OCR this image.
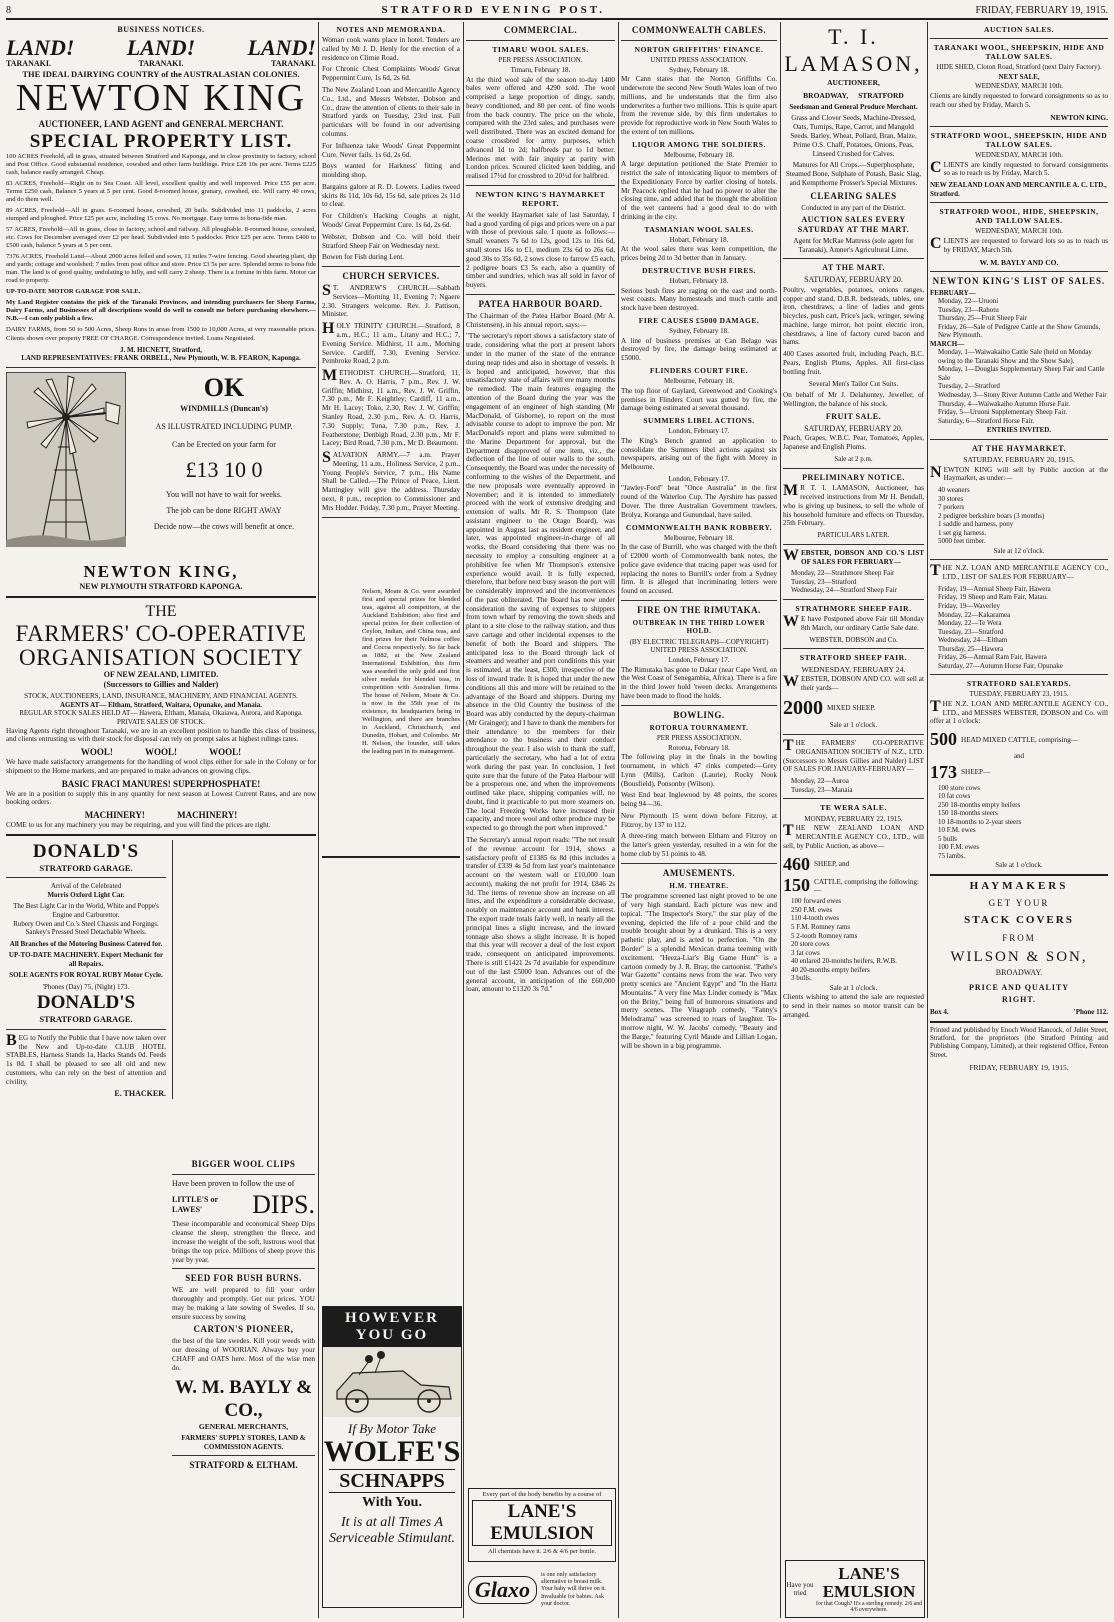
8	STRATFORD EVENING POST.	FRIDAY, FEBRUARY 19, 1915.
BUSINESS NOTICES.
LAND! LAND! LAND!
TARANAKI.	TARANAKI.	TARANAKI.
THE IDEAL DAIRYING COUNTRY of the AUSTRALASIAN COLONIES.
NEWTON KING
AUCTIONEER, LAND AGENT and GENERAL MERCHANT.
SPECIAL PROPERTY LIST.

100 ACRES Freehold, all in grass, situated between Stratford and Kaponga, and in close proximity to factory, school and Post Office. Good substantial residence, cowshed and other farm buildings. Price £28 10s per acre. Terms £225 cash, balance easily arranged. Cheap.

83 ACRES, Freehold—Right on to Sea Coast. All level, excellent quality and well improved. Price £55 per acre. Terms £250 cash, Balance 5 years at 5 per cent. Good 8-roomed house, granary, cowshed, etc. Will carry 40 cows, and do them well.

89 ACRES, Freehold—All in grass. 6-roomed house, cowshed, 20 bails. Subdivided into 11 paddocks, 2 acres stumped and ploughed. Price £25 per acre, including 15 cows. No mortgage. Easy terms to bona-fide man.

57 ACRES, Freehold—All in grass, close to factory, school and railway. All ploughable. 8-roomed house, cowshed, etc. Cows for December averaged over £2 per head. Subdivided into 5 paddocks. Price £25 per acre. Terms £400 to £500 cash, balance 5 years at 5 per cent.

7376 ACRES, Freehold Land—About 2000 acres felled and sown, 11 miles 7-wire fencing. Good shearing plant, dip and yards; cottage and woolshed; 7 miles from post office and store. Price £3 5s per acre. Splendid terms to bona fide man. The land is of good quality, undulating to hilly, and will carry 2 sheep. There is a fortune in this farm. Motor car road to property.

UP-TO-DATE MOTOR GARAGE FOR SALE.

My Land Register contains the pick of the Taranaki Provinces, and intending purchasers for Sheep Farms, Dairy Farms, and Businesses of all descriptions would do well to consult me before purchasing elsewhere.—N.B.—I can only publish a few.

DAIRY FARMS, from 50 to 500 Acres, Sheep Runs in areas from 1500 to 10,000 Acres, at very reasonable prices. Clients shown over property FREE OF CHARGE. Correspondence invited. Loans Negotiated.

J. M. HICNETT, Stratford,
LAND REPRESENTATIVES: FRANK ORBELL, New Plymouth, W. B. FEARON, Kaponga.
OK
WINDMILLS (Duncan's)
AS ILLUSTRATED INCLUDING PUMP.
Can be Erected on your farm for
£13 10 0
You will not have to wait for weeks.
The job can be done RIGHT AWAY
Decide now—the cows will benefit at once.
NEWTON KING,
NEW PLYMOUTH STRATFORD KAPONGA.
THE
FARMERS' CO-OPERATIVE ORGANISATION SOCIETY
OF NEW ZEALAND, LIMITED.
(Successors to Gillies and Nalder)
STOCK, AUCTIONEERS, LAND, INSURANCE, MACHINERY, AND FINANCIAL AGENTS.
AGENTS AT— Eltham, Stratford, Waitara, Opunake, and Manaia.
REGULAR STOCK SALES HELD AT— Hawera, Eltham, Manaia, Okaiawa, Aurora, and Kaponga. PRIVATE SALES OF STOCK.

Having Agents right throughout Taranaki, we are in an excellent position to handle this class of business, and clients entrusting us with their stock for disposal can rely on prompt sales at highest rulings rates.

WOOL! WOOL! WOOL!

We have made satisfactory arrangements for the handling of wool clips either for sale in the Colony or for shipment to the Home markets, and are prepared to make advances on growing clips.

BASIC FRACI MANURES! SUPERPHOSPHATE!

We are in a position to supply this in any quantity for next season at Lowest Current Rates, and are now booking orders.

MACHINERY! MACHINERY!

COME to us for any machinery you may be requiring, and you will find the prices are right.

DONALD'S
STRATFORD GARAGE.
Arrival of the Celebrated
Morris Oxford Light Car.
The Best Light Car in the World, White and Poppe's Engine and Carburettor.
Rubery Owen and Co.'s Steel Chassis and Forgings.
Sankey's Pressed Steel Detachable Wheels.
All Branches of the Motoring Business Catered for.
UP-TO-DATE MACHINERY. Expert Mechanic for all Repairs.
SOLE AGENTS FOR ROYAL RUBY Motor Cycle.
'Phones (Day) 75, (Night) 173.
DONALD'S
STRATFORD GARAGE.

BEG to Notify the Public that I have now taken over the New and Up-to-date CLUB HOTEL STABLES, Harness Stands 1a, Hacks Stands 0d. Feeds 1s 0d. I shall be pleased to see all old and new customers, who can rely on the best of attention and civility.

E. THACKER.
NOTES AND MEMORANDA.

Woman cook wants place in hotel. Tenders are called by Mr J. D. Henly for the erection of a residence on Climie Road.

For Chronic Chest Complaints Woods' Great Peppermint Cure, 1s 6d, 2s 6d.

The New Zealand Loan and Mercantile Agency Co., Ltd., and Messrs Webster, Dobson and Co., draw the attention of clients to their sale in Stratford yards on Tuesday, 23rd inst. Full particulars will be found in our advertising columns.

For Influenza take Woods' Great Peppermint Cure. Never fails. 1s 6d, 2s 6d.

Boys wanted for Harkness' fitting and moulding shop.

Bargains galore at R. D. Lowers. Ladies tweed skirts 8s 11d, 10s 6d, 15s 6d, sale prices 2s 11d to clear.

For Children's Hacking Coughs at night, Woods' Great Peppermint Cure. 1s 6d, 2s 6d.

Webster, Dobson and Co. will hold their Stratford Sheep Fair on Wednesday next.

Bowen for Fish during Lent.

CHURCH SERVICES.

ST. ANDREW'S CHURCH.—Sabbath Services—Morning 11, Evening 7; Ngaere 2.30. Strangers welcome. Rev. J. Pattison, Minister.

HOLY TRINITY CHURCH.—Stratford, 8 a.m., H.C.; 11 a.m., Litany and H.C.; 7, Evening Service. Midhirst, 11 a.m., Morning Service. Cardiff, 7.30, Evening Service. Pembroke Road, 2 p.m.

METHODIST CHURCH.—Stratford, 11, Rev. A. O. Harris, 7 p.m., Rev. J. W. Griffin; Midhirst, 11 a.m., Rev. J. W. Griffin, 7.30 p.m., Mr F. Keightley; Cardiff, 11 a.m., Mr H. Lacey; Toko, 2.30, Rev. J. W. Griffin; Stanley Road, 2.30 p.m., Rev. A. O. Harris, 7.30 Supply; Tuna, 7.30 p.m., Rev. J. Featherstone; Denbigh Road, 2.30 p.m., Mr F. Lacey; Bird Road, 7.30 p.m., Mr D. Beaumont.

SALVATION ARMY.—7 a.m. Prayer Meeting, 11 a.m., Holiness Service, 2 p.m., Young People's Service, 7 p.m., His Name Shall be Called.—The Prince of Peace, Lieut. Mattingley will give the address. Thursday next, 8 p.m., reception to Commissioner and Mrs Hodder. Friday, 7.30 p.m., Prayer Meeting.

Nelson, Moate & Co. were awarded first and special prizes for blended teas, against all competitors, at the Auckland Exhibition; also first and special prizes for their collection of Ceylon, Indian, and China teas, and first prizes for their Nelmoa coffee and Cocoa respectively. So far back as 1882, at the New Zealand International Exhibition, this firm was awarded the only gold and first silver medals for blended teas, in competition with Australian firms. The house of Nelson, Moate & Co. is now in the 35th year of its existence, its headquarters being in Wellington, and there are branches in Auckland, Christchurch, and Dunedin, Hobart, and Colombo. Mr H. Nelson, the founder, still takes the leading part in its management.

BIGGER WOOL CLIPS
Have been proven to follow the use of
LITTLE'S or LAWES'	DIPS.

These incomparable and economical Sheep Dips cleanse the sheep, strengthen the fleece, and increase the weight of the soft, lustrous wool that brings the top price. Millions of sheep prove this year by year.

SEED FOR BUSH BURNS.

WE are well prepared to fill your order thoroughly and promptly. Get our prices. YOU may be making a late sowing of Swedes. If so, ensure success by sowing

CARTON'S PIONEER,

the best of the late swedes. Kill your weeds with our dressing of WOORIAN. Always buy your CHAFF and OATS here. Most of the wise men do.

W. M. BAYLY & CO.,
GENERAL MERCHANTS,
FARMERS' SUPPLY STORES, LAND & COMMISSION AGENTS.
STRATFORD & ELTHAM.
HOWEVER YOU GO
If By Motor Take
WOLFE'S
SCHNAPPS
With You.
It is at all Times A Serviceable Stimulant.
COMMERCIAL.
TIMARU WOOL SALES.
PER PRESS ASSOCIATION.
Timaru, February 18.

At the third wool sale of the season to-day 1400 bales were offered and 4290 sold. The wool comprised a large proportion of dingy, sandy, heavy conditioned, and 80 per cent. of fine wools from the back country. The price on the whole, compared with the 23rd sales, and purchases were well distributed. There was an excited demand for coarse crossbred for army purposes, which advanced 1d to 2d; halfbreds par to 1d better. Merinos met with fair inquiry at parity with London prices. Scoured clicited keen bidding, and realised 17½d for crossbred to 20½d for halfbred.

NEWTON KING'S HAYMARKET REPORT.

At the weekly Haymarket sale of last Saturday, I had a good yarding of pigs and prices were on a par with those of previous sale. I quote as follows:—Small weaners 7s 6d to 12s, good 12s to 16s 6d, small stores 16s to £1, medium 23s 6d to 26s 6d, good 30s to 35s 6d, 2 sows close to farrow £5 each, 2 pedigree boars £3 5s each, also a quantity of timber and sundries, which was all sold in favor of buyers.

PATEA HARBOUR BOARD.

The Chairman of the Patea Harbor Board (Mr A. Christensen), in his annual report, says:—

"The secretary's report shows a satisfactory state of trade, considering what the port at present labors under in the matter of the state of the entrance during neap tides and also in shortage of vessels. It is hoped and anticipated, however, that this unsatisfactory state of affairs will ere many months be remedied. The main features engaging the attention of the Board during the year was the engagement of an engineer of high standing (Mr MacDonald, of Gisborne), to report on the most advisable course to adopt to improve the port. Mr MacDonald's report and plans were submitted to the Marine Department for approval, but the Department disapproved of one item, viz., the deflection of the line of outer walls to the south. Consequently, the Board was under the necessity of conforming to the wishes of the Department, and the new proposals were eventually approved in November; and it is intended to immediately proceed with the work of extensive dredging and extension of walls. Mr R. S. Thompson (late assistant engineer to the Otago Board), was appointed in August last as resident engineer, and later, was appointed engineer-in-charge of all works, the Board considering that there was no necessity to employ a consulting engineer at a prohibitive fee when Mr Thompson's extensive experience would avail. It is fully expected, therefore, that before next busy season the port will be considerably improved and the inconveniences of the past obliterated. The Board has now under consideration the saving of expenses to shippers from town wharf by removing the town sheds and plant to a site close to the railway station, and thus save cartage and other incidental expenses to the benefit of both the Board and shippers. The anticipated loss to the Board through lack of steamers and weather and port conditions this year is estimated, at the least, £300, irrespective of the loss of inward trade. It is hoped that under the new conditions all this and more will be retained to the advantage of the Board and shippers. During my absence in the Old Country the business of the Board was ably conducted by the deputy-chairman (Mr Grainger); and I have to thank the members for their attendance to the members for their attendance to the business and their conduct throughout the year. I also wish to thank the staff, particularly the secretary, who had a lot of extra work during the past year. In conclusion, I feel quite sure that the future of the Patea Harbour will be a prosperous one, and when the improvements outlined take place, shipping companies will, no doubt, find it practicable to put more steamers on. The local Freezing Works have increased their capacity, and more wool and other produce may be expected to go through the port when improved."

The Secretary's annual report reads: "The net result of the revenue account for 1914, shows a satisfactory profit of £1385 6s 8d (this includes a transfer of £339 4s 5d from last year's maintenance account on the western wall or £10,000 loan account), making the net profit for 1914, £846 2s 3d. The items of revenue show an increase on all lines, and the expenditure a considerable decrease, notably on maintenance account and bank interest. The export trade totals fairly well, in nearly all the principal lines a slight increase, and the inward tonnage also shows a slight increase. It is hoped that this year will recover a deal of the lost export trade, consequent on anticipated improvements. There is still £1421 2s 7d available for expenditure out of the last £5000 loan. Advances out of the general account, in anticipation of the £60,000 loan, amount to £1320 3s 7d."

Every part of the body benefits by a course of
LANE'S EMULSION
All chemists have it. 2/6 & 4/6 per bottle.
Glaxo
is one only satisfactory alternative to breast milk. Your baby will thrive on it. Invaluable for babies. Ask your doctor.
COMMONWEALTH CABLES.
NORTON GRIFFITHS' FINANCE.
UNITED PRESS ASSOCIATION.
Sydney, February 18.

Mr Cann states that the Norton Griffiths Co. underwrote the second New South Wales loan of two millions, and he understands that the firm also underwrites a further two millions. This is quite apart from the revenue side, by this firm undertakes to provide for reproductive work in New South Wales to the extent of ten millions.

LIQUOR AMONG THE SOLDIERS.
Melbourne, February 18.

A large deputation petitioned the State Premier to restrict the sale of intoxicating liquor to members of the Expeditionary Force by earlier closing of hotels. Mr Peacock replied that he had no power to alter the closing time, and added that he thought the abolition of the wet canteens had a good deal to do with drinking in the city.

TASMANIAN WOOL SALES.
Hobart, February 18.

At the wool sales there was keen competition, the prices being 2d to 3d better than in January.

DESTRUCTIVE BUSH FIRES.
Hobart, February 18.

Serious bush fires are raging on the east and north-west coasts. Many homesteads and much cattle and stock have been destroyed.

FIRE CAUSES £5000 DAMAGE.
Sydney, February 18.

A line of business premises at Can Belago was destroyed by fire, the damage being estimated at £5000.

FLINDERS COURT FIRE.
Melbourne, February 18.

The top floor of Gaylard, Greenwood and Cooking's premises in Flinders Court was gutted by fire, the damage being estimated at several thousand.

SUMMERS LIBEL ACTIONS.
London, February 17.

The King's Bench granted an application to consolidate the Summers libel actions against six newspapers, arising out of the fight with Morey in Melbourne.

London, February 17.

"Jawley-Ford" beat "Once Australia" in the first round of the Waterloo Cup. The Ayrshire has passed Dover. The three Australian Government trawlers, Brolya, Koranga and Gunundaal, have sailed.

COMMONWEALTH BANK ROBBERY.
Melbourne, February 18.

In the case of Burrill, who was charged with the theft of £2000 worth of Commonwealth bank notes, the police gave evidence that tracing paper was used for replacing the notes to Burrill's order from a Sydney firm. It is alleged that incriminating letters were found on accused.

FIRE ON THE RIMUTAKA.
OUTBREAK IN THE THIRD LOWER HOLD.
(BY ELECTRIC TELEGRAPH—COPYRIGHT) UNITED PRESS ASSOCIATION.
London, February 17.

The Rimutaka has gone to Dakar (near Cape Verd, on the West Coast of Senegambia, Africa). There is a fire in the third lower hold 'tween decks. Arrangements have been made to flood the holds.

BOWLING.
ROTORUA TOURNAMENT.
PER PRESS ASSOCIATION.
Rotorua, February 18.

The following play in the finals in the bowling tournament, in which 47 rinks competed:—Grey Lynn (Mills), Carlton (Laurie), Rocky Nook (Bousfield), Ponsonby (Wilson).

West End beat Inglewood by 48 points, the scores being 94—36.

New Plymouth 15 went down before Fitzroy, at Fitzroy, by 137 to 112.

A three-ring match between Eltham and Fitzroy on the latter's green yesterday, resulted in a win for the home club by 51 points to 48.

AMUSEMENTS.
H.M. THEATRE.

The programme screened last night proved to be one of very high standard. Each picture was new and topical. "The Inspector's Story," the star play of the evening, depicted the life of a poor child and the trouble brought about by a drunkard. This is a very pathetic play, and is acted to perfection. "On the Border" is a splendid Mexican drama teeming with excitement. "Heeza-Liar's Big Game Hunt" is a cartoon comedy by J. R. Bray, the cartoonist. "Pathe's War Gazette" contains news from the war. Two very pretty scenics are "Ancient Egypt" and "In the Hartz Mountains." A very fine Max Linder comedy is "Max on the Briny," being full of humorous situations and merry scenes. The Vitagraph comedy, "Fanny's Melodrama" was screened to roars of laughter. To-morrow night, W. W. Jacobs' comedy, "Beauty and the Barge," featuring Cyril Maude and Lillian Logan, will be shown in a big programme.

T. I. LAMASON,
AUCTIONEER,
BROADWAY, STRATFORD
Seedsman and General Produce Merchant.

Grass and Clover Seeds, Machine-Dressed, Oats, Turnips, Rape, Carrot, and Mangold Seeds. Barley, Wheat, Pollard, Bran, Maize, Prime O.S. Chaff, Potatoes, Onions, Peas, Linseed Crushed for Calves.

Manures for All Crops.—Superphosphate, Steamed Bone, Sulphate of Potash, Basic Slag, and Kempthorne Prosser's Special Mixtures.

CLEARING SALES
Conducted in any part of the District.
AUCTION SALES EVERY SATURDAY AT THE MART.

Agent for McRae Mattress (sole agent for Taranaki), Amner's Agricultural Lime.

AT THE MART.
SATURDAY, FEBRUARY 20.

Poultry, vegetables, potatoes, onions ranges, copper and stand, D.B.R. bedsteads, tables, one iron, chestdraws, a line of ladies and gents bicycles, push cart, Price's jack, wringer, sewing machine, large mirror, hot point electric iron, chestdraws, a line of factory cured bacon and hams.

400 Cases assorted fruit, including Peach, B.C. Pears, English Plums, Apples. All first-class bottling fruit.

Several Men's Tailor Cut Suits.

On behalf of Mr J. Delahuntey, Jeweller, of Wellington, the balance of his stock.

FRUIT SALE.
SATURDAY, FEBRUARY 20.

Peach, Grapes, W.B.C. Pear, Tomatoes, Apples, Japanese and English Plums.

Sale at 2 p.m.
PRELIMINARY NOTICE.

MR T. I. LAMASON, Auctioneer, has received instructions from Mr H. Bendall, who is giving up business, to sell the whole of his household furniture and effects on Thursday, 25th February.

PARTICULARS LATER.

WEBSTER, DOBSON AND CO.'S LIST OF SALES FOR FEBRUARY—

Monday, 22—Strathmore Sheep Fair
Tuesday, 23—Stratford
Wednesday, 24—Stratford Sheep Fair
STRATHMORE SHEEP FAIR.

WE have Postponed above Fair till Monday 8th March, our ordinary Cattle Sale date.

WEBSTER, DOBSON and Co.
STRATFORD SHEEP FAIR.
WEDNESDAY, FEBRUARY 24.

WEBSTER, DOBSON AND CO. will sell at their yards—

2000 MIXED SHEEP.
Sale at 1 o'clock.

THE FARMERS' CO-OPERATIVE ORGANISATION SOCIETY of N.Z., LTD. (Successors to Messrs Gillies and Nalder) LIST OF SALES FOR JANUARY-FEBRUARY—

Monday, 22—Auroa
Tuesday, 23—Manaia
TE WERA SALE.
MONDAY, FEBRUARY 22, 1915.

THE NEW ZEALAND LOAN AND MERCANTILE AGENCY CO., LTD., will sell, by Public Auction, as above—

460 SHEEP, and
150 CATTLE, comprising the following:—
100 forward ewes
250 F.M. ewes
110 4-tooth ewes
5 F.M. Romney rams
5 2-tooth Romney rams
20 store cows
3 fat cows
40 enlared 20-months heifers, R.W.B.
40 20-months empty heifers
3 bulls.
Sale at 1 o'clock.

Clients wishing to attend the sale are requested to send in their names so motor transit can be arranged.

Have you tried
LANE'S EMULSION
for that Cough? It's a sterling remedy. 2/6 and 4/6 everywhere.
AUCTION SALES.
TARANAKI WOOL, SHEEPSKIN, HIDE AND TALLOW SALES.
HIDE SHED, Cloton Road, Stratford (next Dairy Factory).
NEXT SALE,
WEDNESDAY, MARCH 10th.

Clients are kindly requested to forward consignments so as to reach our shed by Friday, March 5.

NEWTON KING.
STRATFORD WOOL, SHEEPSKIN, HIDE AND TALLOW SALES.
WEDNESDAY, MARCH 10th.

CLIENTS are kindly requested to forward consignments so as to reach us by Friday, March 5.

NEW ZEALAND LOAN AND MERCANTILE A. C. LTD., Stratford.
STRATFORD WOOL, HIDE, SHEEPSKIN, AND TALLOW SALES.
WEDNESDAY, MARCH 10th.

CLIENTS are requested to forward lots so as to reach us by FRIDAY, March 5th.

W. M. BAYLY AND CO.
NEWTON KING'S LIST OF SALES.
FEBRUARY—
Monday, 22—Uruoni
Tuesday, 23—Rahotu
Thursday, 25—Fruit Sheep Fair
Friday, 26—Sale of Pedigree Cattle at the Show Grounds, New Plymouth.
MARCH—
Monday, 1—Waiwakaiho Cattle Sale (held on Monday owing to the Taranaki Show and the Show Sale).
Monday, 1—Douglas Supplementary Sheep Fair and Cattle Sale
Tuesday, 2—Stratford
Wednesday, 3—Stony River Autumn Cattle and Wether Fair
Thursday, 4—Waiwakaiho Autumn Horse Fair.
Friday, 5—Uruoni Supplementary Sheep Fair.
Saturday, 6—Stratford Horse Fair.
ENTRIES INVITED.
AT THE HAYMARKET.
SATURDAY, FEBRUARY 20, 1915.

NEWTON KING will sell by Public auction at the Haymarket, as under:—

40 weaners
30 stores
7 porkers
2 pedigree berkshire boars (3 months)
1 saddle and harness, pony
1 set gig harness.
5000 feet timber.
Sale at 12 o'clock.

THE N.Z. LOAN AND MERCANTILE AGENCY CO., LTD., LIST OF SALES FOR FEBRUARY—

Friday, 19—Annual Sheep Fair, Hawera
Friday, 19 Sheep and Ram Fair, Matau.
Friday, 19—Waverley
Monday, 22—Kakaramea
Monday, 22—Te Wera
Tuesday, 23—Stratford
Wednesday, 24—Eltham
Thursday, 25—Hawera
Friday, 26—Annual Ram Fair, Hawera
Saturday, 27—Autumn Horse Fair, Opunake
STRATFORD SALEYARDS.
TUESDAY, FEBRUARY 23, 1915.

THE N.Z. LOAN AND MERCANTILE AGENCY CO., LTD., and MESSRS WEBSTER, DOBSON and Co. will offer at 1 o'clock:

500 HEAD MIXED CATTLE, comprising—
and
173 SHEEP—
100 store cows
10 fat cows
250 18-months empty heifers
150 18-months steers
10 18-months to 2-year steers
10 F.M. ewes
5 bulls
100 F.M. ewes
75 lambs.
Sale at 1 o'clock.
HAYMAKERS
GET YOUR
STACK COVERS
FROM
WILSON & SON,
BROADWAY.
PRICE AND QUALITY
RIGHT.
Box 4.	'Phone 112.

Printed and published by Enoch Wood Hancock, of Juliet Street, Stratford, for the proprietors (the Stratford Printing and Publishing Company, Limited), at their registered Office, Fenton Street.

FRIDAY, FEBRUARY 19, 1915.
